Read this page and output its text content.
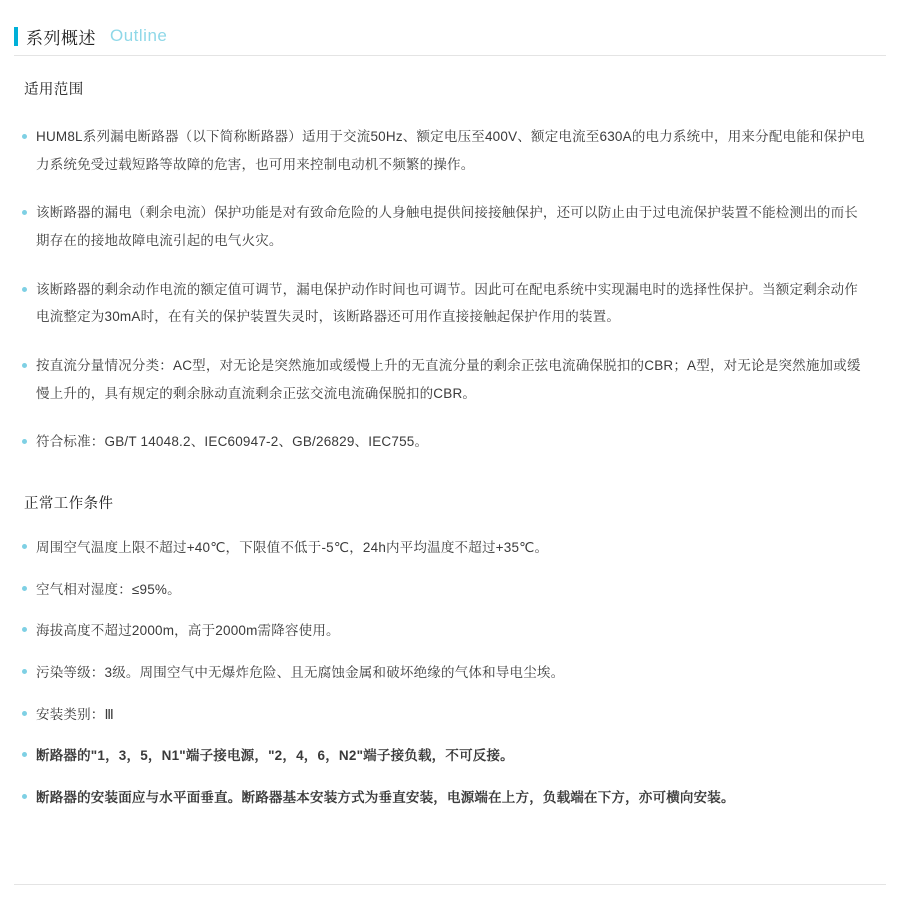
系列概述 Outline
适用范围
HUM8L系列漏电断路器（以下简称断路器）适用于交流50Hz、额定电压至400V、额定电流至630A的电力系统中，用来分配电能和保护电力系统免受过载短路等故障的危害，也可用来控制电动机不频繁的操作。
该断路器的漏电（剩余电流）保护功能是对有致命危险的人身触电提供间接接触保护，还可以防止由于过电流保护装置不能检测出的而长期存在的接地故障电流引起的电气火灾。
该断路器的剩余动作电流的额定值可调节，漏电保护动作时间也可调节。因此可在配电系统中实现漏电时的选择性保护。当额定剩余动作电流整定为30mA时，在有关的保护装置失灵时，该断路器还可用作直接接触起保护作用的装置。
按直流分量情况分类：AC型，对无论是突然施加或缓慢上升的无直流分量的剩余正弦电流确保脱扣的CBR；A型，对无论是突然施加或缓慢上升的，具有规定的剩余脉动直流剩余正弦交流电流确保脱扣的CBR。
符合标准：GB/T 14048.2、IEC60947-2、GB/26829、IEC755。
正常工作条件
周围空气温度上限不超过+40℃，下限值不低于-5℃，24h内平均温度不超过+35℃。
空气相对湿度：≤95%。
海拔高度不超过2000m，高于2000m需降容使用。
污染等级：3级。周围空气中无爆炸危险、且无腐蚀金属和破坏绝缘的气体和导电尘埃。
安装类别：Ⅲ
断路器的"1，3，5，N1"端子接电源，"2，4，6，N2"端子接负载，不可反接。
断路器的安装面应与水平面垂直。断路器基本安装方式为垂直安装，电源端在上方，负载端在下方，亦可横向安装。
